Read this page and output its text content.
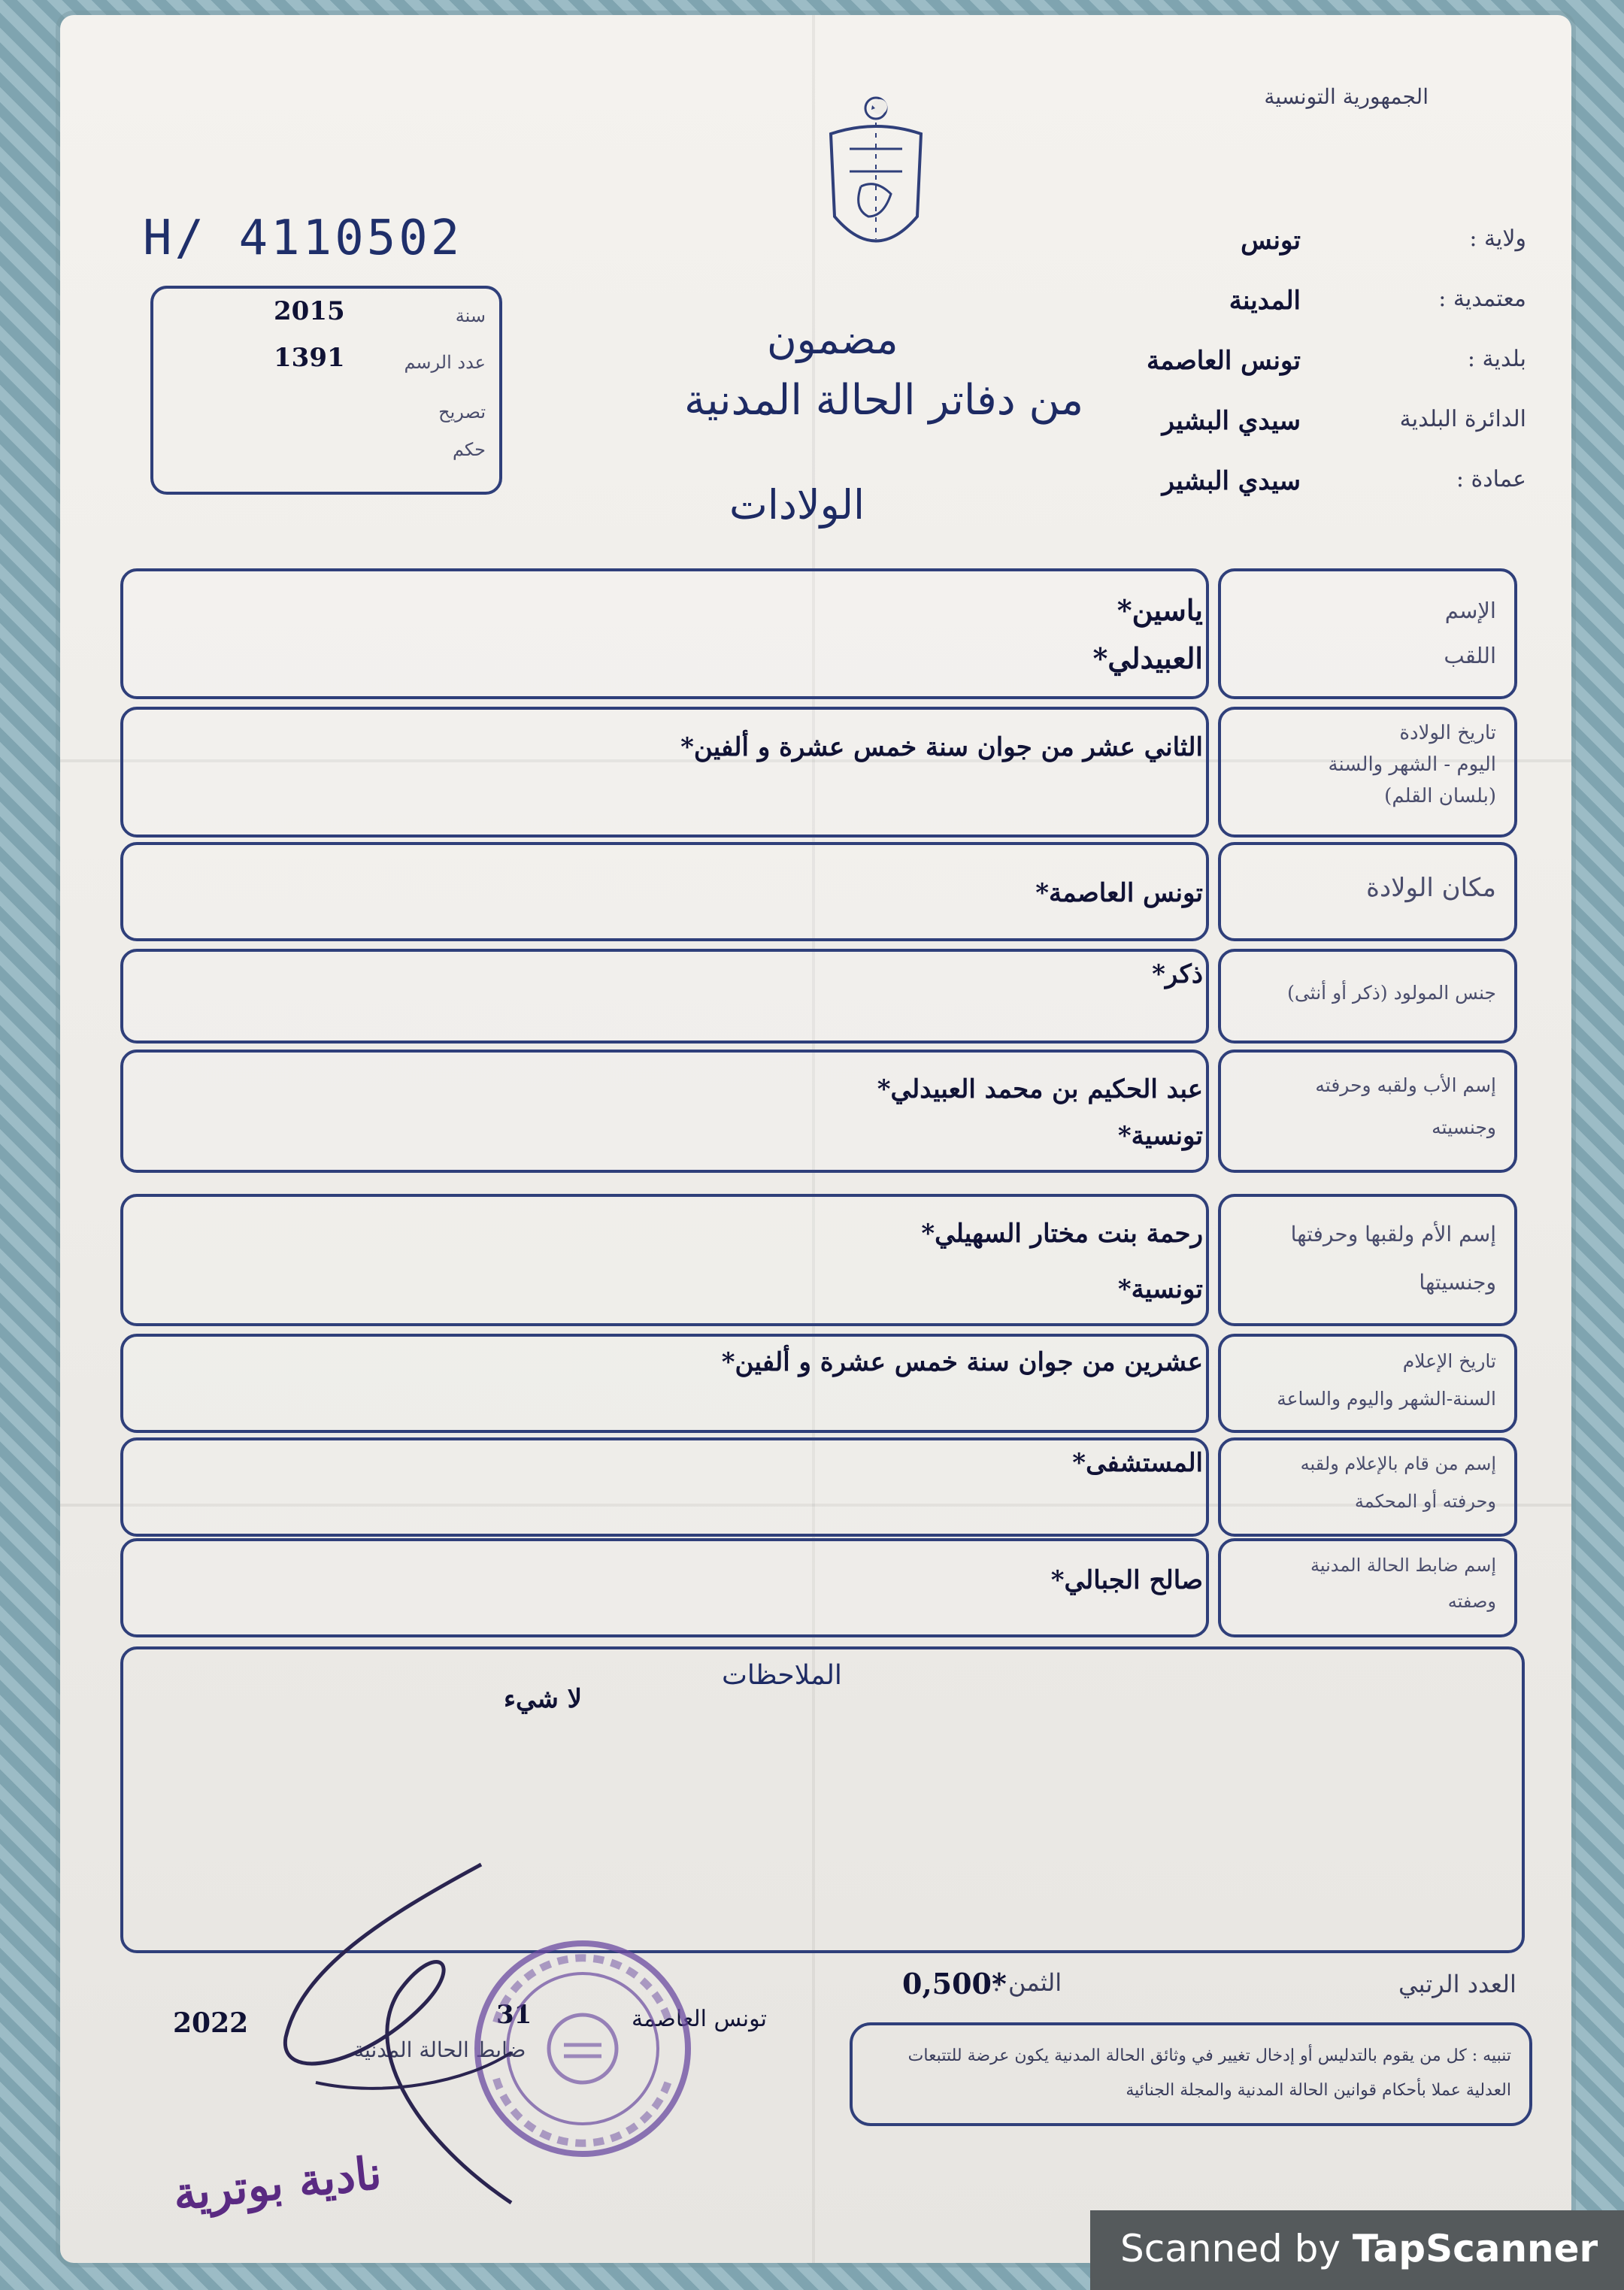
الجمهورية التونسية
ولاية :
معتمدية :
بلدية :
الدائرة البلدية
عمادة :
تونس
المدينة
تونس العاصمة
سيدي البشير
سيدي البشير
H/ 4110502
سنة
2015
عدد الرسم
1391
تصريح
حكم
مضمون
من دفاتر الحالة المدنية
الولادات
الإسم
اللقب
ياسين*
العبيدلي*
تاريخ الولادة
اليوم - الشهر والسنة
(بلسان القلم)
الثاني عشر من جوان سنة خمس عشرة و ألفين*
مكان الولادة
تونس العاصمة*
جنس المولود (ذكر أو أنثى)
ذكر*
إسم الأب ولقبه وحرفته
وجنسيته
عبد الحكيم بن محمد العبيدلي*
تونسية*
إسم الأم ولقبها وحرفتها
وجنسيتها
رحمة بنت مختار السهيلي*
تونسية*
تاريخ الإعلام
السنة-الشهر واليوم والساعة
عشرين من جوان سنة خمس عشرة و ألفين*
إسم من قام بالإعلام ولقبه
وحرفته أو المحكمة
المستشفى*
إسم ضابط الحالة المدنية
وصفته
صالح الجبالي*
الملاحظات
لا شيء
العدد الرتبي
الثمن :
0,500*
تونس العاصمة
31
2022
ضابط الحالة المدنية	تنبيه : كل من يقوم بالتدليس أو إدخال تغيير في وثائق الحالة المدنية يكون عرضة للتتبعات العدلية عملا بأحكام قوانين الحالة المدنية والمجلة الجنائية
نادية بوترية
Scanned by TapScanner
